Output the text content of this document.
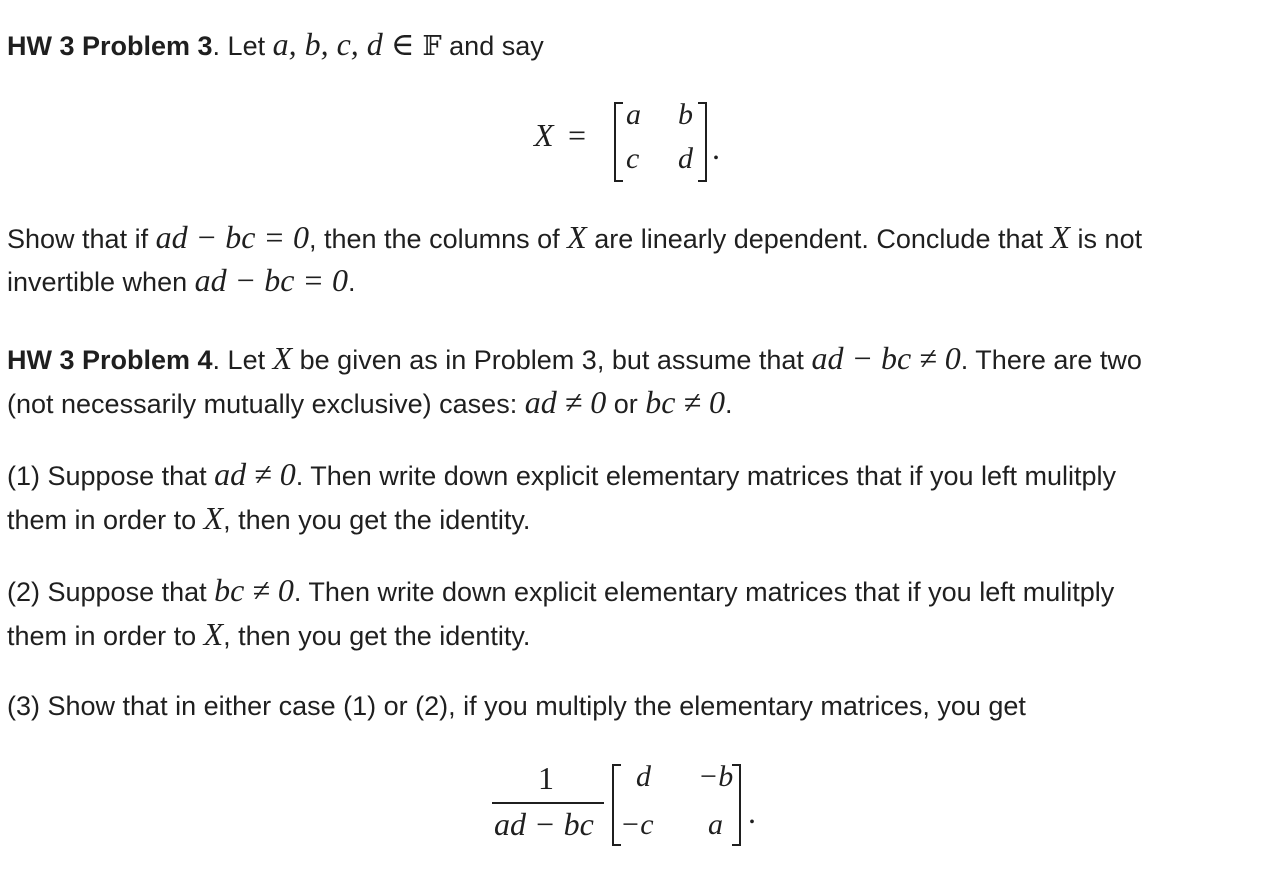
HW 3 Problem 3. Let a, b, c, d ∈ 𝔽 and say

X =
a b
c d .

Show that if ad − bc = 0, then the columns of X are linearly dependent. Conclude that X is not

invertible when ad − bc = 0.

HW 3 Problem 4. Let X be given as in Problem 3, but assume that ad − bc ≠ 0. There are two

(not necessarily mutually exclusive) cases: ad ≠ 0 or bc ≠ 0.

(1) Suppose that ad ≠ 0. Then write down explicit elementary matrices that if you left mulitply

them in order to X, then you get the identity.

(2) Suppose that bc ≠ 0. Then write down explicit elementary matrices that if you left mulitply

them in order to X, then you get the identity.

(3) Show that in either case (1) or (2), if you multiply the elementary matrices, you get

1
ad − bc
d −b
−c a .
